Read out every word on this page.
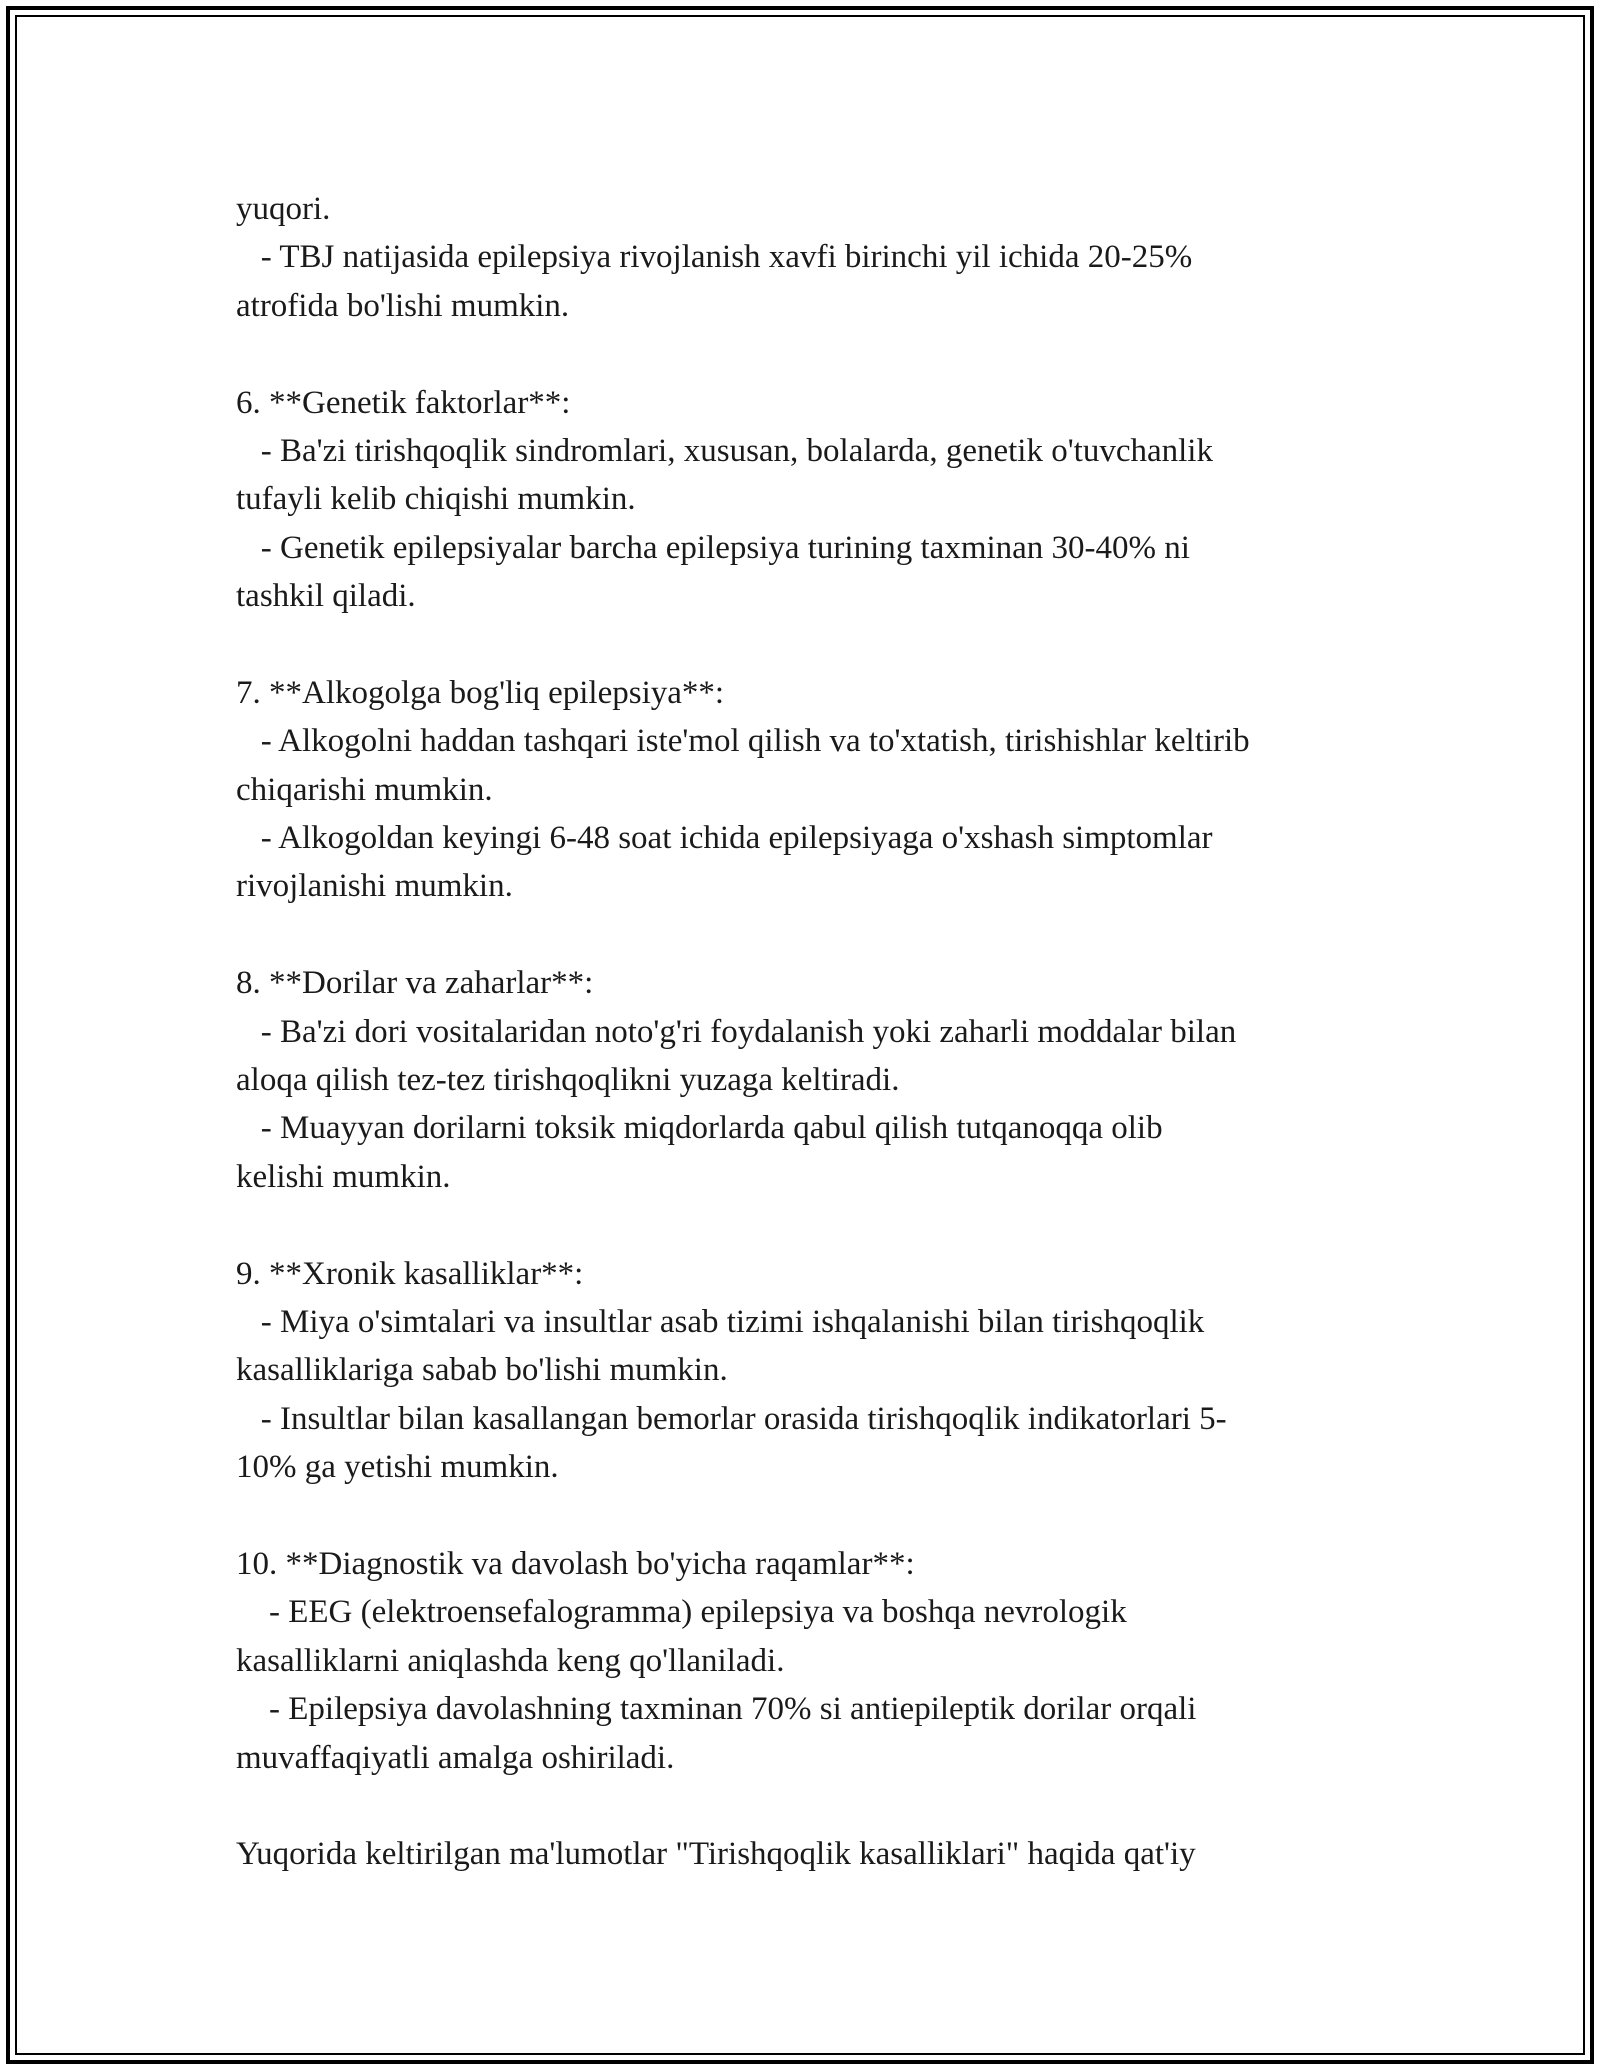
yuqori.
- TBJ natijasida epilepsiya rivojlanish xavfi birinchi yil ichida 20-25%
atrofida bo'lishi mumkin.
6. **Genetik faktorlar**:
- Ba'zi tirishqoqlik sindromlari, xususan, bolalarda, genetik o'tuvchanlik
tufayli kelib chiqishi mumkin.
- Genetik epilepsiyalar barcha epilepsiya turining taxminan 30-40% ni
tashkil qiladi.
7. **Alkogolga bog'liq epilepsiya**:
- Alkogolni haddan tashqari iste'mol qilish va to'xtatish, tirishishlar keltirib
chiqarishi mumkin.
- Alkogoldan keyingi 6-48 soat ichida epilepsiyaga o'xshash simptomlar
rivojlanishi mumkin.
8. **Dorilar va zaharlar**:
- Ba'zi dori vositalaridan noto'g'ri foydalanish yoki zaharli moddalar bilan
aloqa qilish tez-tez tirishqoqlikni yuzaga keltiradi.
- Muayyan dorilarni toksik miqdorlarda qabul qilish tutqanoqqa olib
kelishi mumkin.
9. **Xronik kasalliklar**:
- Miya o'simtalari va insultlar asab tizimi ishqalanishi bilan tirishqoqlik
kasalliklariga sabab bo'lishi mumkin.
- Insultlar bilan kasallangan bemorlar orasida tirishqoqlik indikatorlari 5-
10% ga yetishi mumkin.
10. **Diagnostik va davolash bo'yicha raqamlar**:
- EEG (elektroensefalogramma) epilepsiya va boshqa nevrologik
kasalliklarni aniqlashda keng qo'llaniladi.
- Epilepsiya davolashning taxminan 70% si antiepileptik dorilar orqali
muvaffaqiyatli amalga oshiriladi.
Yuqorida keltirilgan ma'lumotlar "Tirishqoqlik kasalliklari" haqida qat'iy
